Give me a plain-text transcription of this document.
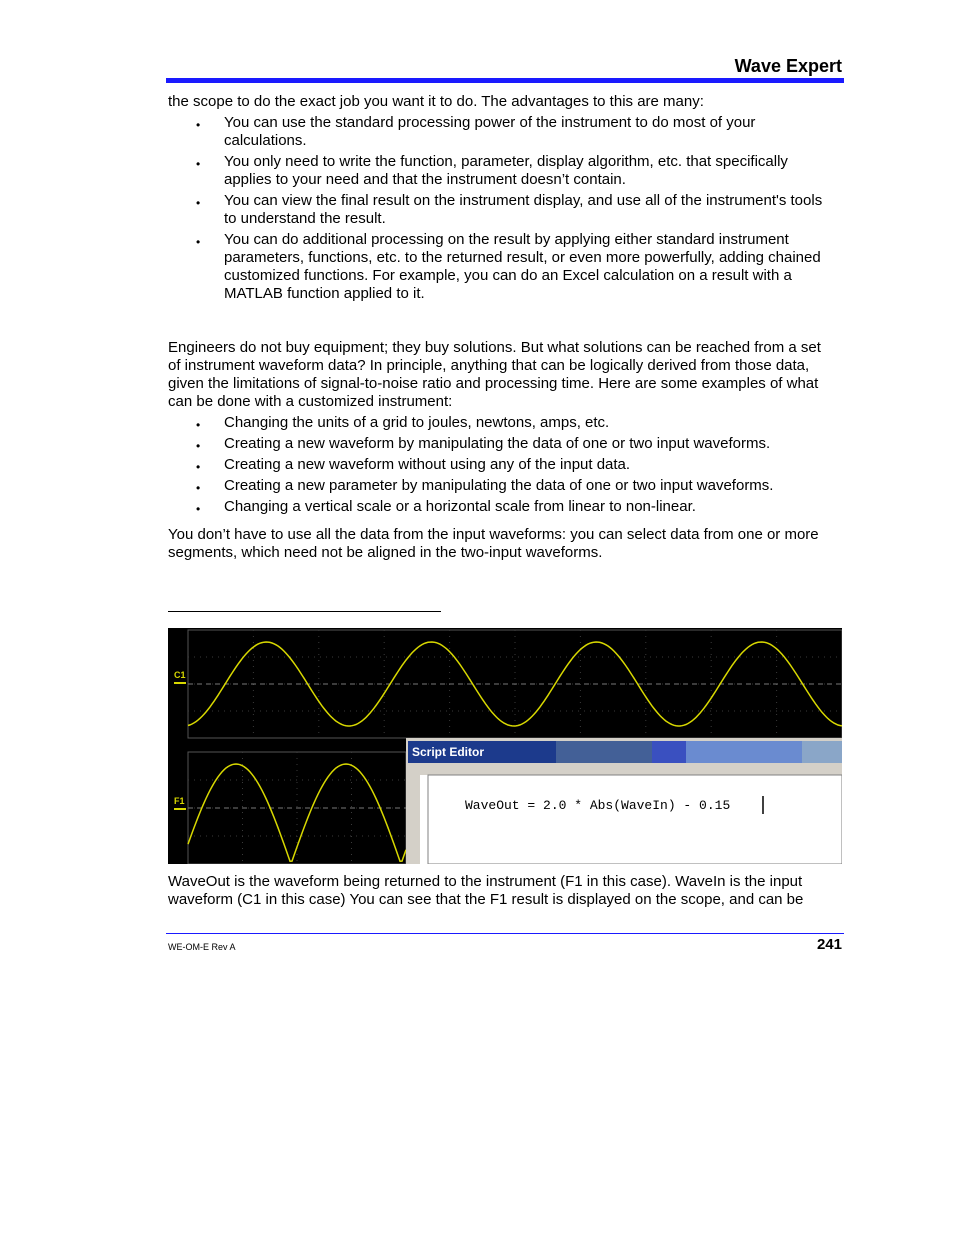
Wave Expert
the scope to do the exact job you want it to do. The advantages to this are many:
• You can use the standard processing power of the instrument to do most of your
calculations.
• You only need to write the function, parameter, display algorithm, etc. that specifically
applies to your need and that the instrument doesn’t contain.
• You can view the final result on the instrument display, and use all of the instrument's tools
to understand the result.
• You can do additional processing on the result by applying either standard instrument
parameters, functions, etc. to the returned result, or even more powerfully, adding chained
customized functions. For example, you can do an Excel calculation on a result with a
MATLAB function applied to it.
Engineers do not buy equipment; they buy solutions. But what solutions can be reached from a set
of instrument waveform data? In principle, anything that can be logically derived from those data,
given the limitations of signal-to-noise ratio and processing time. Here are some examples of what
can be done with a customized instrument:
• Changing the units of a grid to joules, newtons, amps, etc.
• Creating a new waveform by manipulating the data of one or two input waveforms.
• Creating a new waveform without using any of the input data.
• Creating a new parameter by manipulating the data of one or two input waveforms.
• Changing a vertical scale or a horizontal scale from linear to non-linear.
You don’t have to use all the data from the input waveforms: you can select data from one or more
segments, which need not be aligned in the two-input waveforms.
C1
F1
Script Editor
WaveOut = 2.0 * Abs(WaveIn) - 0.15
WaveOut is the waveform being returned to the instrument (F1 in this case). WaveIn is the input
waveform (C1 in this case) You can see that the F1 result is displayed on the scope, and can be
WE-OM-E Rev A	241
